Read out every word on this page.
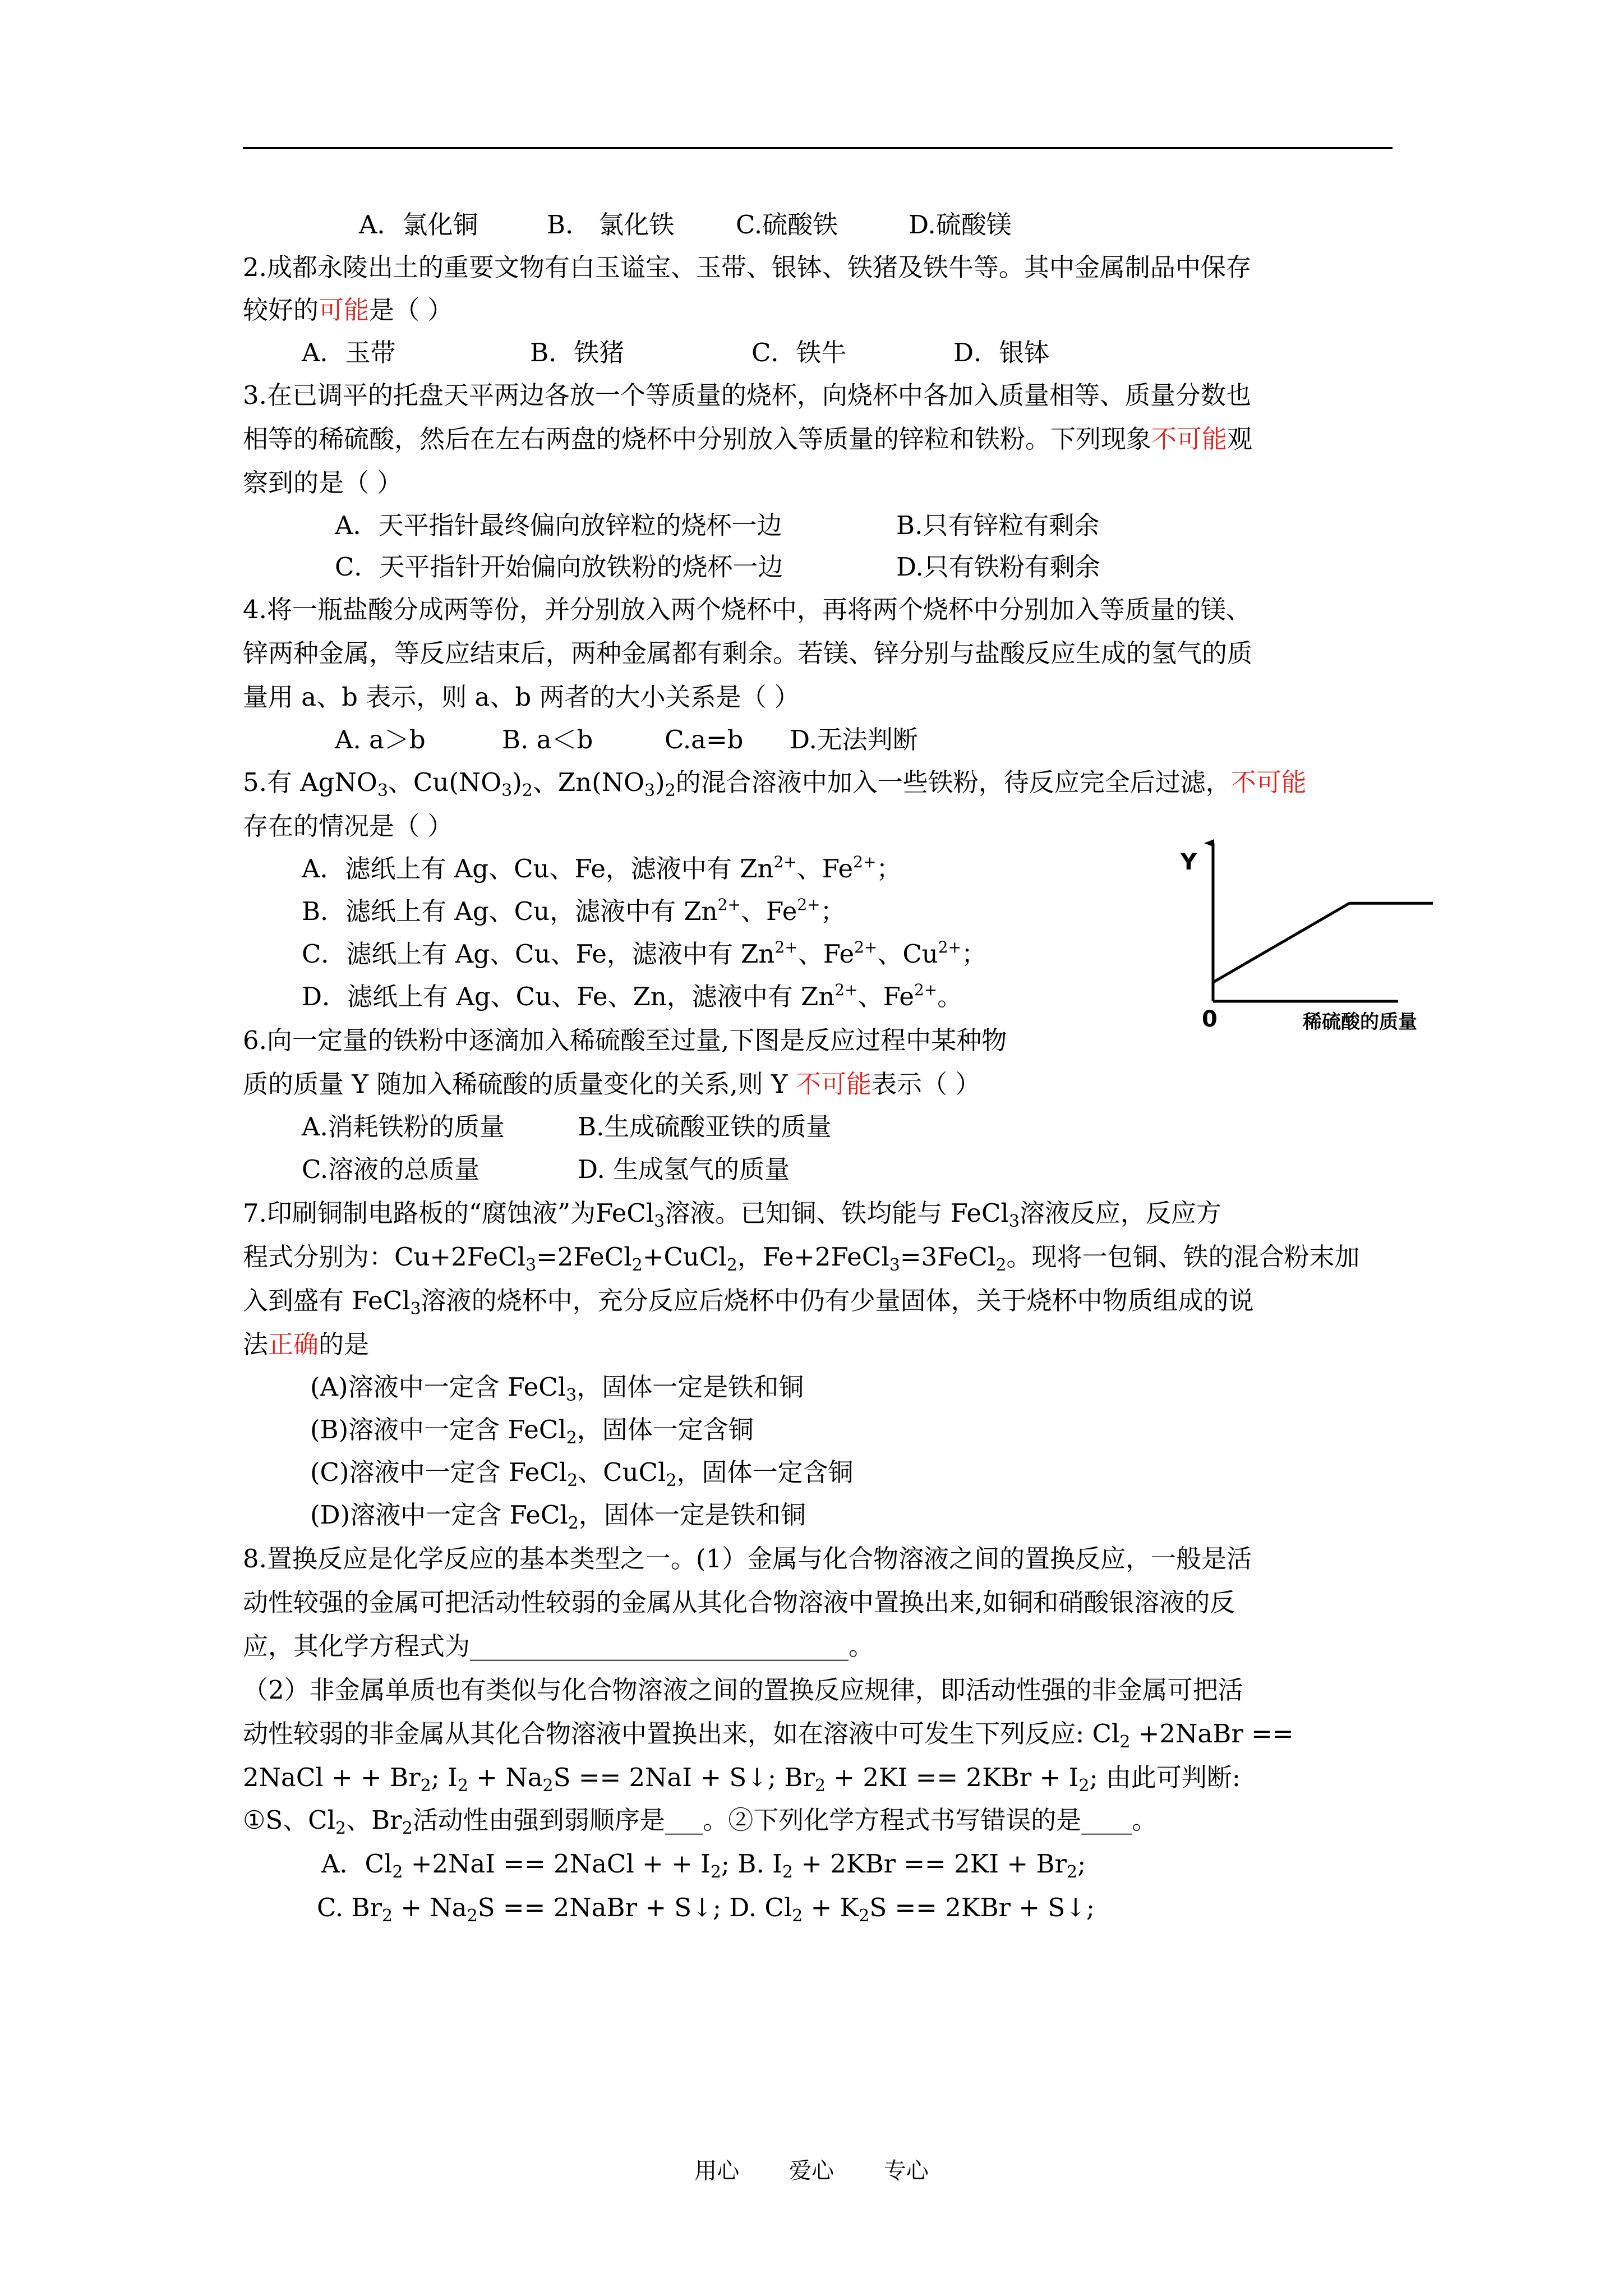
A．氯化铜	B． 氯化铁 C.硫酸铁	D.硫酸镁
2.成都永陵出土的重要文物有白玉谥宝、玉带、银钵、铁猪及铁牛等。其中金属制品中保存
较好的可能是（ ）
A．玉带	B．铁猪	C．铁牛	D．银钵
3.在已调平的托盘天平两边各放一个等质量的烧杯，向烧杯中各加入质量相等、质量分数也
相等的稀硫酸，然后在左右两盘的烧杯中分别放入等质量的锌粒和铁粉。下列现象不可能观
察到的是（ ）
A．天平指针最终偏向放锌粒的烧杯一边	B.只有锌粒有剩余
C．天平指针开始偏向放铁粉的烧杯一边	D.只有铁粉有剩余
4.将一瓶盐酸分成两等份，并分别放入两个烧杯中，再将两个烧杯中分别加入等质量的镁、
锌两种金属，等反应结束后，两种金属都有剩余。若镁、锌分别与盐酸反应生成的氢气的质
量用 a、b 表示，则 a、b 两者的大小关系是（ ）
A. a＞b	B. a＜b	C.a=b D.无法判断
5.有 AgNO$_3$、$Cu(NO_3)_2$、$Zn(NO_3)_2$的混合溶液中加入一些铁粉，待反应完全后过滤，不可能
存在的情况是（ ）
A．滤纸上有 Ag、Cu、Fe，滤液中有 $Zn^{2+}$、$Fe^{2+}$；
B．滤纸上有 Ag、Cu，滤液中有 $Zn^{2+}$、$Fe^{2+}$；
C．滤纸上有 Ag、Cu、Fe，滤液中有 $Zn^{2+}$、$Fe^{2+}$、$Cu^{2+}$；
D．滤纸上有 Ag、Cu、Fe、Zn，滤液中有 $Zn^{2+}$、$Fe^{2+}$。
Y
0	稀硫酸的质量
6.向一定量的铁粉中逐滴加入稀硫酸至过量,下图是反应过程中某种物
质的质量 Y 随加入稀硫酸的质量变化的关系,则 Y 不可能表示（ ）
A.消耗铁粉的质量	B.生成硫酸亚铁的质量
C.溶液的总质量	D. 生成氢气的质量
7.印刷铜制电路板的“腐蚀液”为FeCl$_3$溶液。已知铜、铁均能与 FeCl$_3$溶液反应，反应方
程式分别为：Cu+2FeCl$_3$=2FeCl$_2$+CuCl$_2$，Fe+2FeCl$_3$=3FeCl$_2$。现将一包铜、铁的混合粉末加
入到盛有 FeCl$_3$溶液的烧杯中，充分反应后烧杯中仍有少量固体，关于烧杯中物质组成的说
法正确的是
(A)溶液中一定含 FeCl$_3$，固体一定是铁和铜
(B)溶液中一定含 FeCl$_2$，固体一定含铜
(C)溶液中一定含 FeCl$_2$、CuCl$_2$，固体一定含铜
(D)溶液中一定含 FeCl$_2$，固体一定是铁和铜
8.置换反应是化学反应的基本类型之一。(1）金属与化合物溶液之间的置换反应，一般是活
动性较强的金属可把活动性较弱的金属从其化合物溶液中置换出来,如铜和硝酸银溶液的反
应，其化学方程式为______________________________。
（2）非金属单质也有类似与化合物溶液之间的置换反应规律，即活动性强的非金属可把活
动性较弱的非金属从其化合物溶液中置换出来，如在溶液中可发生下列反应: $Cl_2$ +2NaBr ==
2NaCl + + $Br_2$; $I_2 + Na_2S == 2NaI$ + S↓; $Br_2 + 2KI == 2KBr + I_2$; 由此可判断:
①S、$Cl_2$、$Br_2$活动性由强到弱顺序是___。②下列化学方程式书写错误的是____。
A．$Cl_2 +2NaI$ == 2NaCl + + $I_2$; B. $I_2 + 2KBr == 2KI + Br_2$;
C. $Br_2 + Na_2S$ == 2NaBr + S↓; D. $Cl_2 + K_2S == 2KBr$ + S↓;
用心 爱心 专心
